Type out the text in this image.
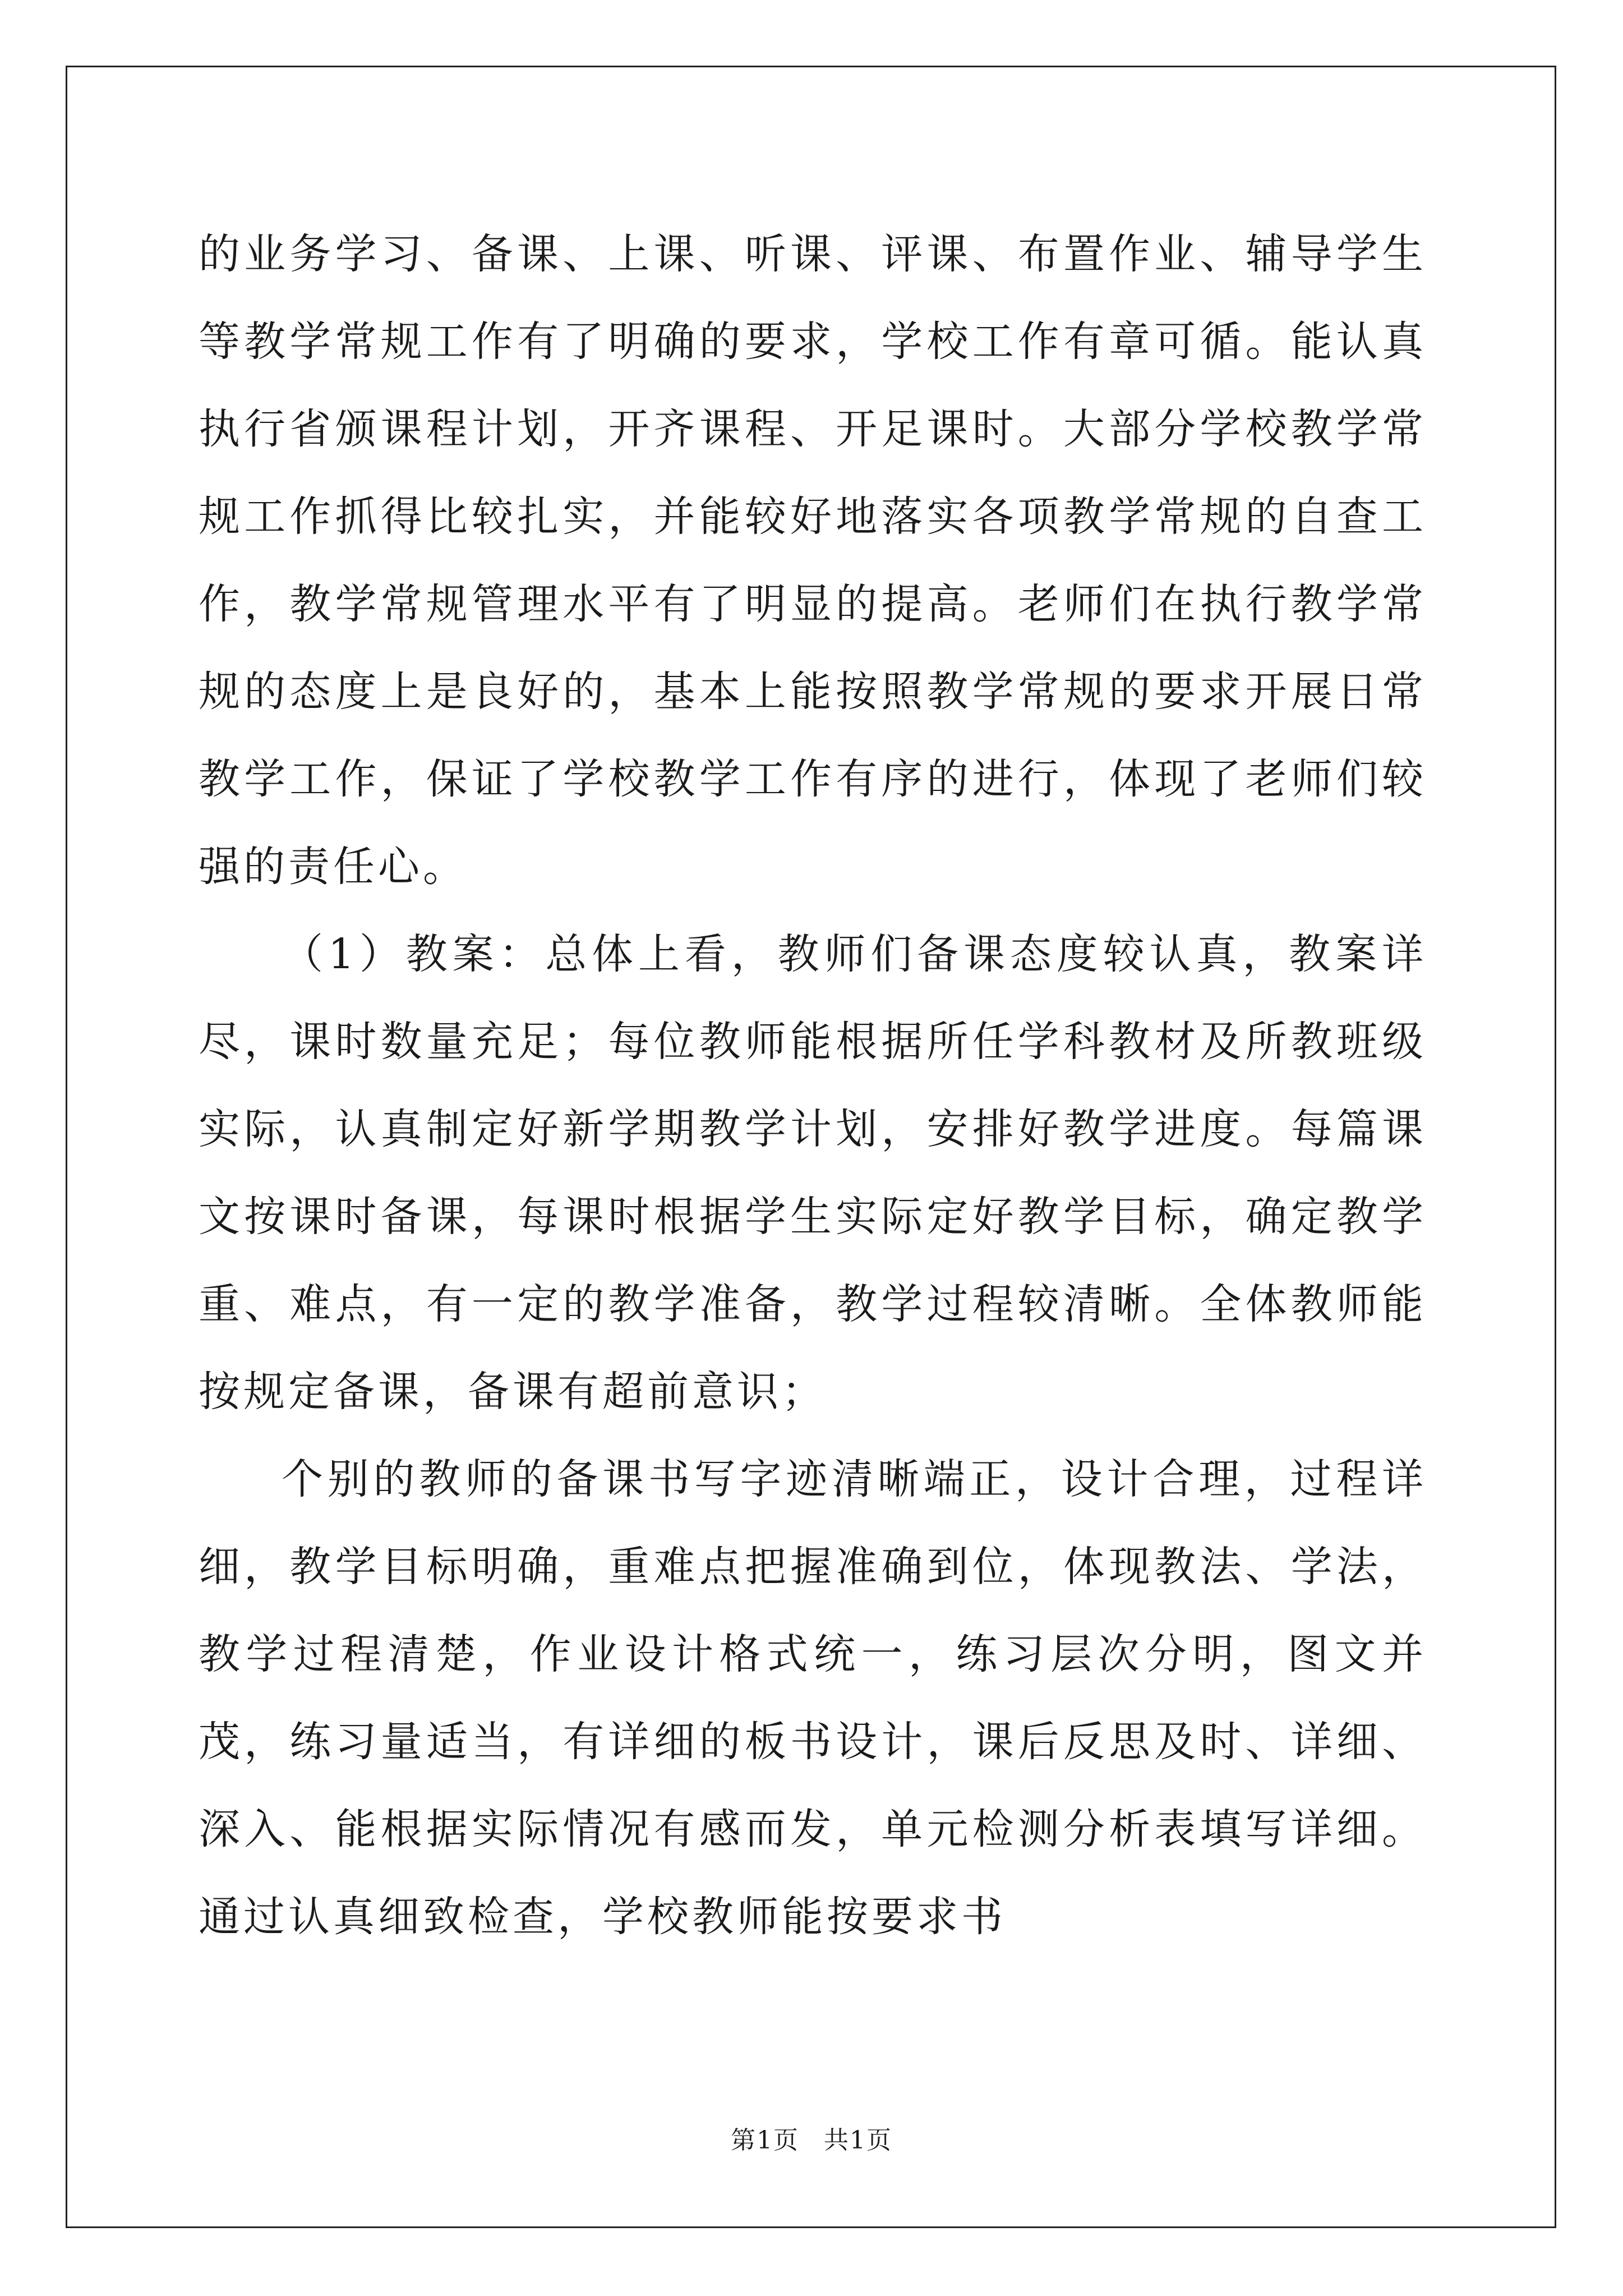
的业务学习、备课、上课、听课、评课、布置作业、辅导学生等教学常规工作有了明确的要求，学校工作有章可循。能认真执行省颁课程计划，开齐课程、开足课时。大部分学校教学常规工作抓得比较扎实，并能较好地落实各项教学常规的自查工作，教学常规管理水平有了明显的提高。老师们在执行教学常规的态度上是良好的，基本上能按照教学常规的要求开展日常教学工作，保证了学校教学工作有序的进行，体现了老师们较强的责任心。

（1）教案：总体上看，教师们备课态度较认真，教案详尽，课时数量充足；每位教师能根据所任学科教材及所教班级实际，认真制定好新学期教学计划，安排好教学进度。每篇课文按课时备课，每课时根据学生实际定好教学目标，确定教学重、难点，有一定的教学准备，教学过程较清晰。全体教师能按规定备课，备课有超前意识；

个别的教师的备课书写字迹清晰端正，设计合理，过程详细，教学目标明确，重难点把握准确到位，体现教法、学法，教学过程清楚，作业设计格式统一，练习层次分明，图文并茂，练习量适当，有详细的板书设计，课后反思及时、详细、深入、能根据实际情况有感而发，单元检测分析表填写详细。通过认真细致检查，学校教师能按要求书

第1页 共1页
